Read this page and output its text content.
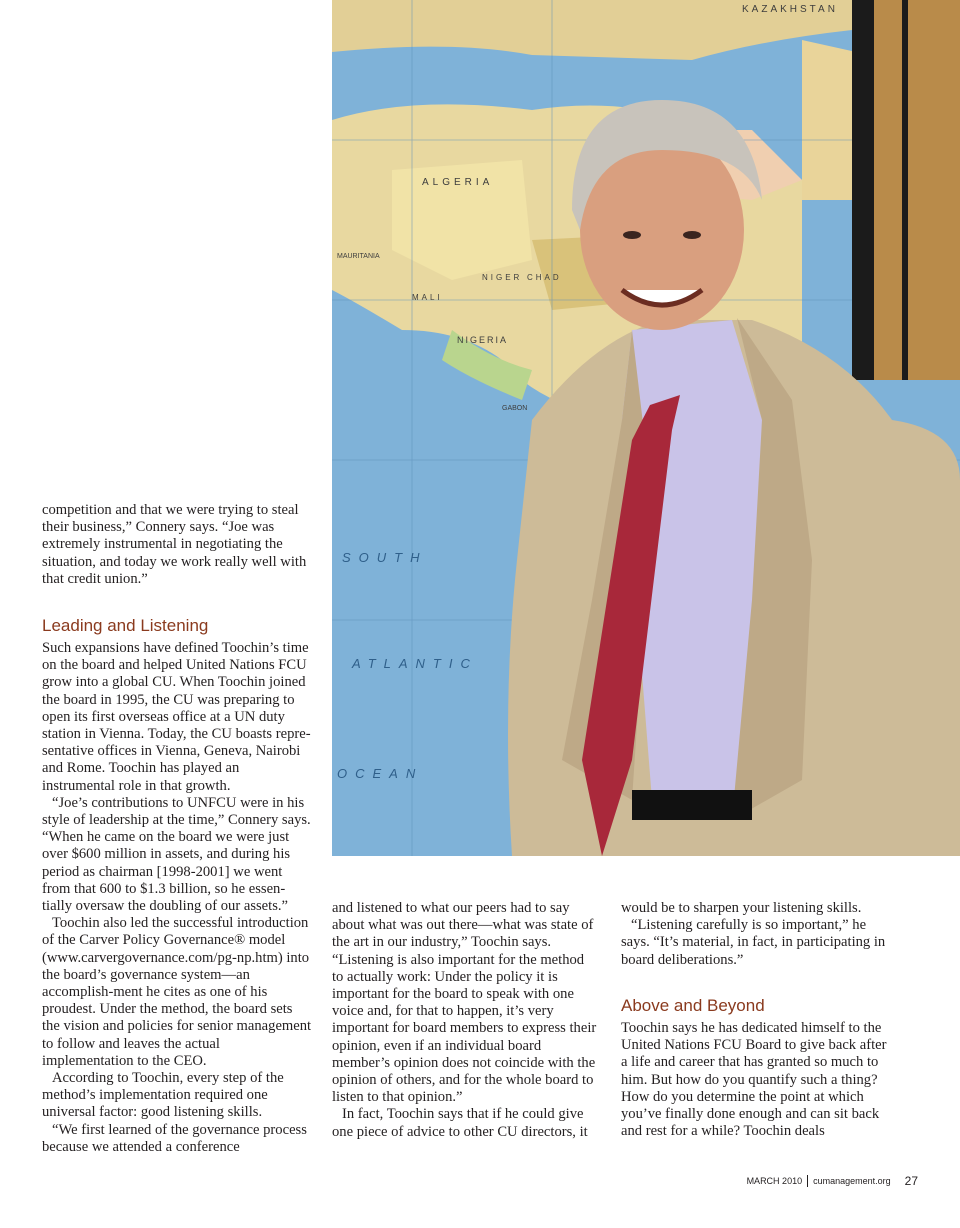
KAZAKHSTAN
ALGERIA
MAURITANIA
NIGER CHAD
MALI
NIGERIA
GABON
SOUTH
ATLANTIC
OCEAN

competition and that we were trying to steal their business,” Connery says. “Joe was extremely instrumental in negotiating the situation, and today we work really well with that credit union.”

Leading and Listening

Such expansions have defined Toochin’s time on the board and helped United Nations FCU grow into a global CU. When Toochin joined the board in 1995, the CU was preparing to open its first overseas office at a UN duty station in Vienna. Today, the CU boasts repre-sentative offices in Vienna, Geneva, Nairobi and Rome. Toochin has played an instrumental role in that growth.

“Joe’s contributions to UNFCU were in his style of leadership at the time,” Connery says. “When he came on the board we were just over $600 million in assets, and during his period as chairman [1998-2001] we went from that 600 to $1.3 billion, so he essen-tially oversaw the doubling of our assets.”

Toochin also led the successful introduction of the Carver Policy Governance® model (www.carvergovernance.com/pg-np.htm) into the board’s governance system—an accomplish-ment he cites as one of his proudest. Under the method, the board sets the vision and policies for senior management to follow and leaves the actual implementation to the CEO.

According to Toochin, every step of the method’s implementation required one universal factor: good listening skills.

“We first learned of the governance process because we attended a conference

and listened to what our peers had to say about what was out there—what was state of the art in our industry,” Toochin says. “Listening is also important for the method to actually work: Under the policy it is important for the board to speak with one voice and, for that to happen, it’s very important for board members to express their opinion, even if an individual board member’s opinion does not coincide with the opinion of others, and for the whole board to listen to that opinion.”

In fact, Toochin says that if he could give one piece of advice to other CU directors, it

would be to sharpen your listening skills.

“Listening carefully is so important,” he says. “It’s material, in fact, in participating in board deliberations.”

Above and Beyond

Toochin says he has dedicated himself to the United Nations FCU Board to give back after a life and career that has granted so much to him. But how do you quantify such a thing? How do you determine the point at which you’ve finally done enough and can sit back and rest for a while? Toochin deals

MARCH 2010 cumanagement.org 27
